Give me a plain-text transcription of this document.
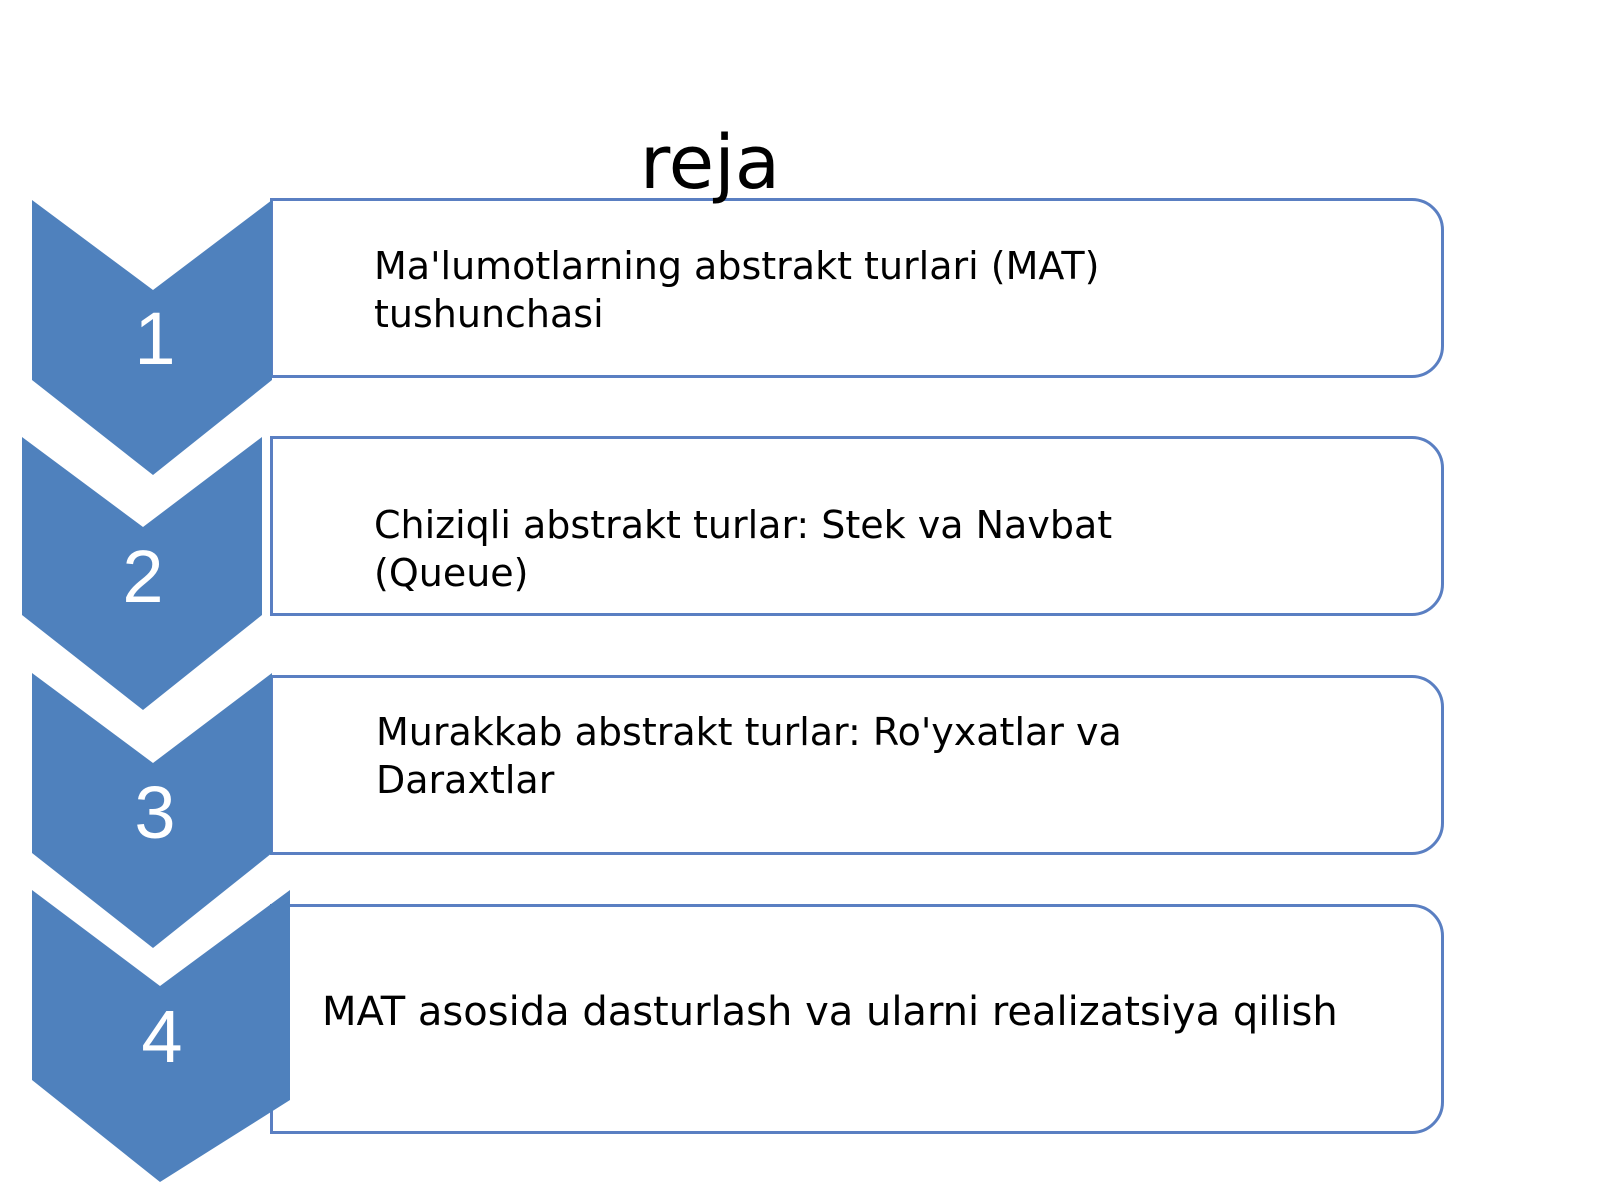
reja
1
2
3
4
Ma'lumotlarning abstrakt turlari (MAT)
tushunchasi
Chiziqli abstrakt turlar: Stek va Navbat
(Queue)
Murakkab abstrakt turlar: Ro'yxatlar va
Daraxtlar
MAT asosida dasturlash va ularni realizatsiya qilish
